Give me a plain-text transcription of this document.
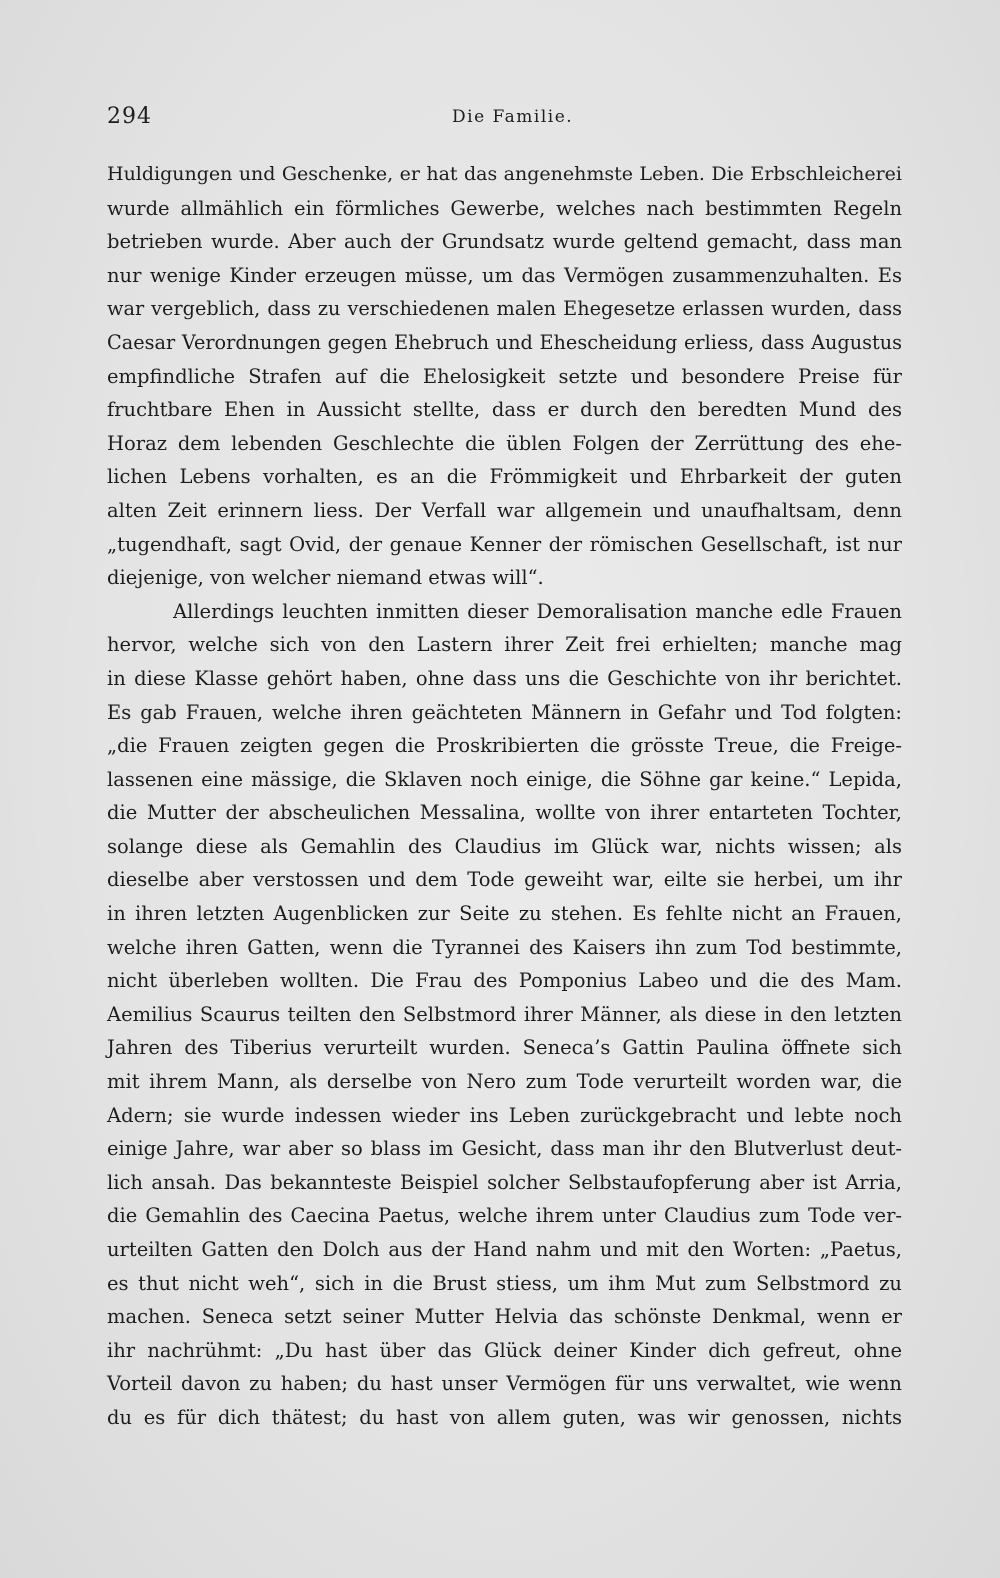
294	Die Familie.
Huldigungen und Geschenke, er hat das angenehmste Leben. Die Erbschleicherei
wurde allmählich ein förmliches Gewerbe, welches nach bestimmten Regeln
betrieben wurde. Aber auch der Grundsatz wurde geltend gemacht, dass man
nur wenige Kinder erzeugen müsse, um das Vermögen zusammenzuhalten. Es
war vergeblich, dass zu verschiedenen malen Ehegesetze erlassen wurden, dass
Caesar Verordnungen gegen Ehebruch und Ehescheidung erliess, dass Augustus
empfindliche Strafen auf die Ehelosigkeit setzte und besondere Preise für
fruchtbare Ehen in Aussicht stellte, dass er durch den beredten Mund des
Horaz dem lebenden Geschlechte die üblen Folgen der Zerrüttung des ehe-
lichen Lebens vorhalten, es an die Frömmigkeit und Ehrbarkeit der guten
alten Zeit erinnern liess. Der Verfall war allgemein und unaufhaltsam, denn
„tugendhaft, sagt Ovid, der genaue Kenner der römischen Gesellschaft, ist nur
diejenige, von welcher niemand etwas will“.
Allerdings leuchten inmitten dieser Demoralisation manche edle Frauen
hervor, welche sich von den Lastern ihrer Zeit frei erhielten; manche mag
in diese Klasse gehört haben, ohne dass uns die Geschichte von ihr berichtet.
Es gab Frauen, welche ihren geächteten Männern in Gefahr und Tod folgten:
„die Frauen zeigten gegen die Proskribierten die grösste Treue, die Freige-
lassenen eine mässige, die Sklaven noch einige, die Söhne gar keine.“ Lepida,
die Mutter der abscheulichen Messalina, wollte von ihrer entarteten Tochter,
solange diese als Gemahlin des Claudius im Glück war, nichts wissen; als
dieselbe aber verstossen und dem Tode geweiht war, eilte sie herbei, um ihr
in ihren letzten Augenblicken zur Seite zu stehen. Es fehlte nicht an Frauen,
welche ihren Gatten, wenn die Tyrannei des Kaisers ihn zum Tod bestimmte,
nicht überleben wollten. Die Frau des Pomponius Labeo und die des Mam.
Aemilius Scaurus teilten den Selbstmord ihrer Männer, als diese in den letzten
Jahren des Tiberius verurteilt wurden. Seneca’s Gattin Paulina öffnete sich
mit ihrem Mann, als derselbe von Nero zum Tode verurteilt worden war, die
Adern; sie wurde indessen wieder ins Leben zurückgebracht und lebte noch
einige Jahre, war aber so blass im Gesicht, dass man ihr den Blutverlust deut-
lich ansah. Das bekannteste Beispiel solcher Selbstaufopferung aber ist Arria,
die Gemahlin des Caecina Paetus, welche ihrem unter Claudius zum Tode ver-
urteilten Gatten den Dolch aus der Hand nahm und mit den Worten: „Paetus,
es thut nicht weh“, sich in die Brust stiess, um ihm Mut zum Selbstmord zu
machen. Seneca setzt seiner Mutter Helvia das schönste Denkmal, wenn er
ihr nachrühmt: „Du hast über das Glück deiner Kinder dich gefreut, ohne
Vorteil davon zu haben; du hast unser Vermögen für uns verwaltet, wie wenn
du es für dich thätest; du hast von allem guten, was wir genossen, nichts
